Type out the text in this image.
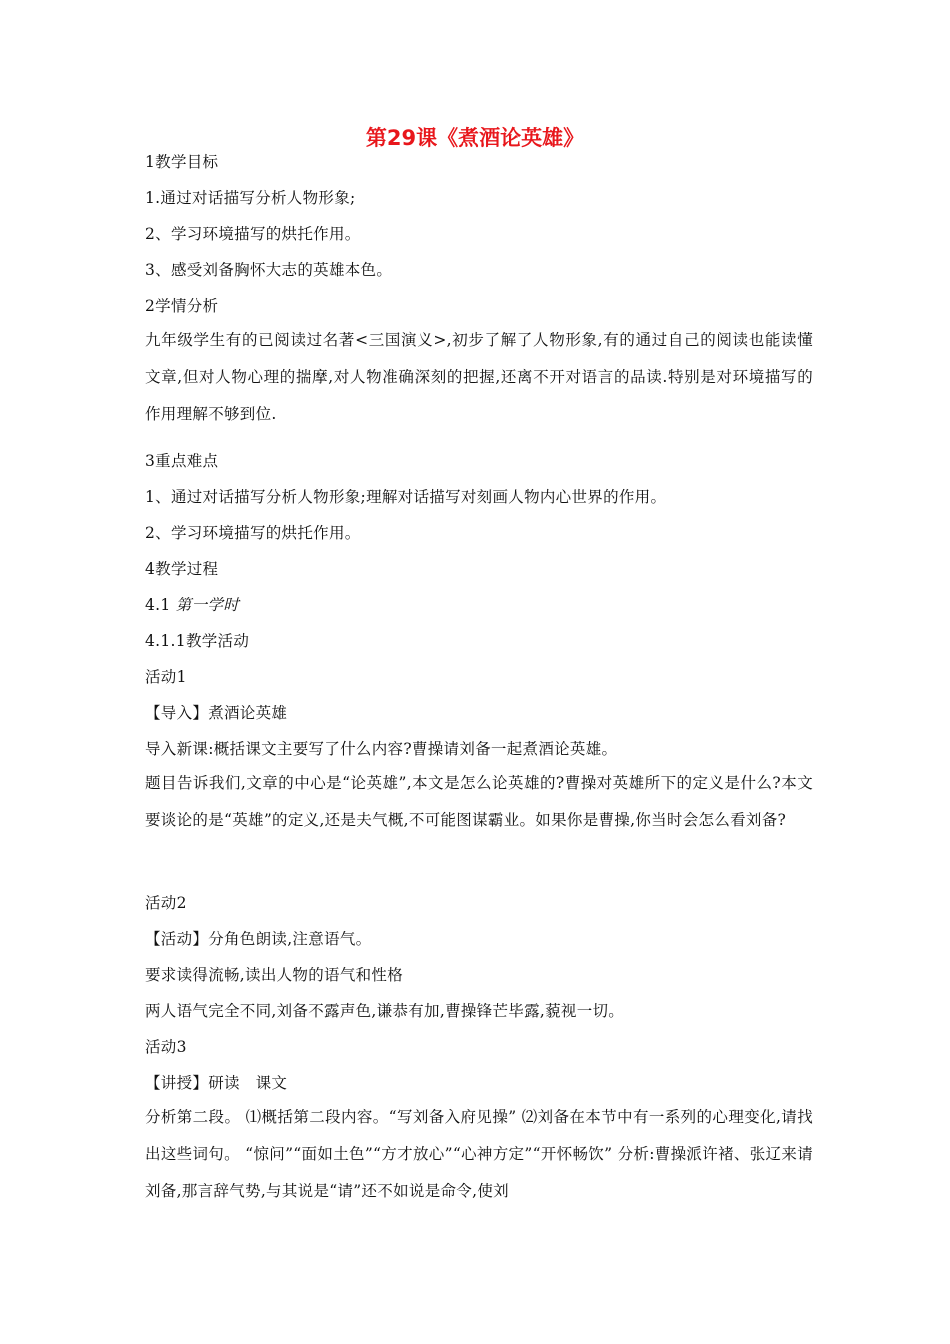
第29课《煮酒论英雄》
1教学目标
1.通过对话描写分析人物形象;
2、学习环境描写的烘托作用。
3、感受刘备胸怀大志的英雄本色。
2学情分析
九年级学生有的已阅读过名著<三国演义>,初步了解了人物形象,有的通过自己的阅读也能读懂文章,但对人物心理的揣摩,对人物准确深刻的把握,还离不开对语言的品读.特别是对环境描写的作用理解不够到位.
3重点难点
1、通过对话描写分析人物形象;理解对话描写对刻画人物内心世界的作用。
2、学习环境描写的烘托作用。
4教学过程
4.1 第一学时
4.1.1教学活动
活动1
【导入】煮酒论英雄
导入新课:概括课文主要写了什么内容?曹操请刘备一起煮酒论英雄。
题目告诉我们,文章的中心是“论英雄”,本文是怎么论英雄的?曹操对英雄所下的定义是什么?本文要谈论的是“英雄”的定义,还是夫气概,不可能图谋霸业。如果你是曹操,你当时会怎么看刘备?
活动2
【活动】分角色朗读,注意语气。
要求读得流畅,读出人物的语气和性格
两人语气完全不同,刘备不露声色,谦恭有加,曹操锋芒毕露,藐视一切。
活动3
【讲授】研读　课文
分析第二段。 ⑴概括第二段内容。“写刘备入府见操” ⑵刘备在本节中有一系列的心理变化,请找出这些词句。 “惊问”“面如土色”“方才放心”“心神方定”“开怀畅饮” 分析:曹操派许褚、张辽来请刘备,那言辞气势,与其说是“请”还不如说是命令,使刘
